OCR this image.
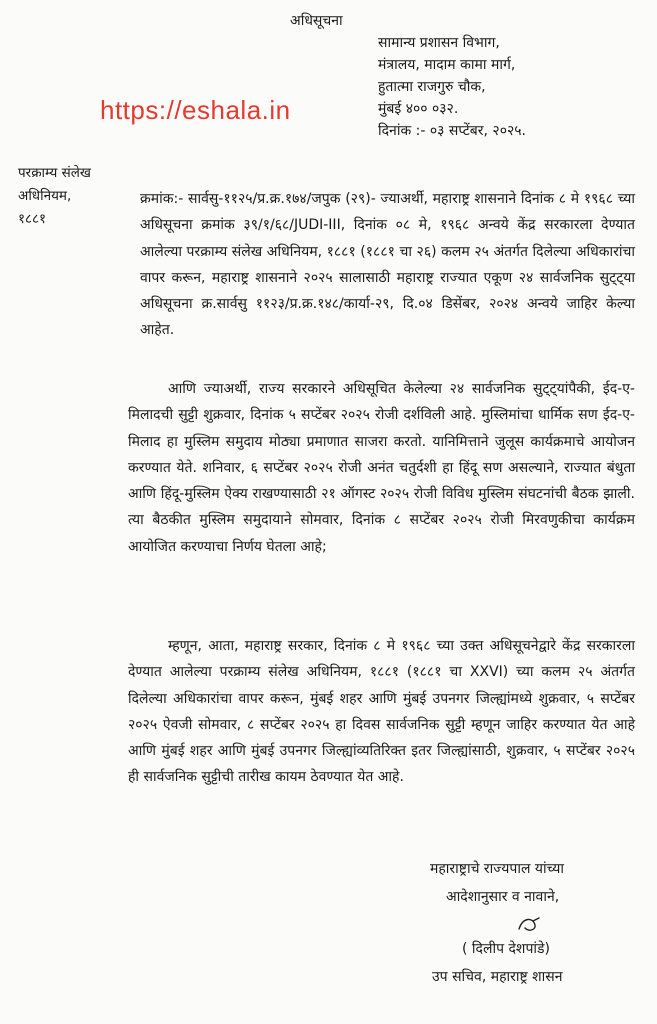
अधिसूचना
सामान्य प्रशासन विभाग,
मंत्रालय, मादाम कामा मार्ग,
हुतात्मा राजगुरु चौक,
मुंबई ४०० ०३२.
दिनांक :- ०३ सप्टेंबर, २०२५.
https://eshala.in
परक्राम्य संलेख
अधिनियम,
१८८१
क्रमांक:- सार्वसु-११२५/प्र.क्र.१७४/जपुक (२९)- ज्याअर्थी, महाराष्ट्र शासनाने दिनांक ८ मे १९६८ च्या अधिसूचना क्रमांक ३९/१/६८/JUDI-III, दिनांक ०८ मे, १९६८ अन्वये केंद्र सरकारला देण्यात आलेल्या परक्राम्य संलेख अधिनियम, १८८१ (१८८१ चा २६) कलम २५ अंतर्गत दिलेल्या अधिकारांचा वापर करून, महाराष्ट्र शासनाने २०२५ सालासाठी महाराष्ट्र राज्यात एकूण २४ सार्वजनिक सुट्ट्या अधिसूचना क्र.सार्वसु ११२३/प्र.क्र.१४८/कार्या-२९, दि.०४ डिसेंबर, २०२४ अन्वये जाहिर केल्या आहेत.
आणि ज्याअर्थी, राज्य सरकारने अधिसूचित केलेल्या २४ सार्वजनिक सुट्ट्यांपैकी, ईद-ए-मिलादची सुट्टी शुक्रवार, दिनांक ५ सप्टेंबर २०२५ रोजी दर्शविली आहे. मुस्लिमांचा धार्मिक सण ईद-ए-मिलाद हा मुस्लिम समुदाय मोठ्या प्रमाणात साजरा करतो. यानिमित्ताने जुलूस कार्यक्रमाचे आयोजन करण्यात येते. शनिवार, ६ सप्टेंबर २०२५ रोजी अनंत चतुर्दशी हा हिंदू सण असल्याने, राज्यात बंधुता आणि हिंदू-मुस्लिम ऐक्य राखण्यासाठी २१ ऑगस्ट २०२५ रोजी विविध मुस्लिम संघटनांची बैठक झाली. त्या बैठकीत मुस्लिम समुदायाने सोमवार, दिनांक ८ सप्टेंबर २०२५ रोजी मिरवणुकीचा कार्यक्रम आयोजित करण्याचा निर्णय घेतला आहे;
म्हणून, आता, महाराष्ट्र सरकार, दिनांक ८ मे १९६८ च्या उक्त अधिसूचनेद्वारे केंद्र सरकारला देण्यात आलेल्या परक्राम्य संलेख अधिनियम, १८८१ (१८८१ चा XXVI) च्या कलम २५ अंतर्गत दिलेल्या अधिकारांचा वापर करून, मुंबई शहर आणि मुंबई उपनगर जिल्ह्यांमध्ये शुक्रवार, ५ सप्टेंबर २०२५ ऐवजी सोमवार, ८ सप्टेंबर २०२५ हा दिवस सार्वजनिक सुट्टी म्हणून जाहिर करण्यात येत आहे आणि मुंबई शहर आणि मुंबई उपनगर जिल्ह्यांव्यतिरिक्त इतर जिल्ह्यांसाठी, शुक्रवार, ५ सप्टेंबर २०२५ ही सार्वजनिक सुट्टीची तारीख कायम ठेवण्यात येत आहे.
महाराष्ट्राचे राज्यपाल यांच्या
आदेशानुसार व नावाने,
( दिलीप देशपांडे)
उप सचिव, महाराष्ट्र शासन
